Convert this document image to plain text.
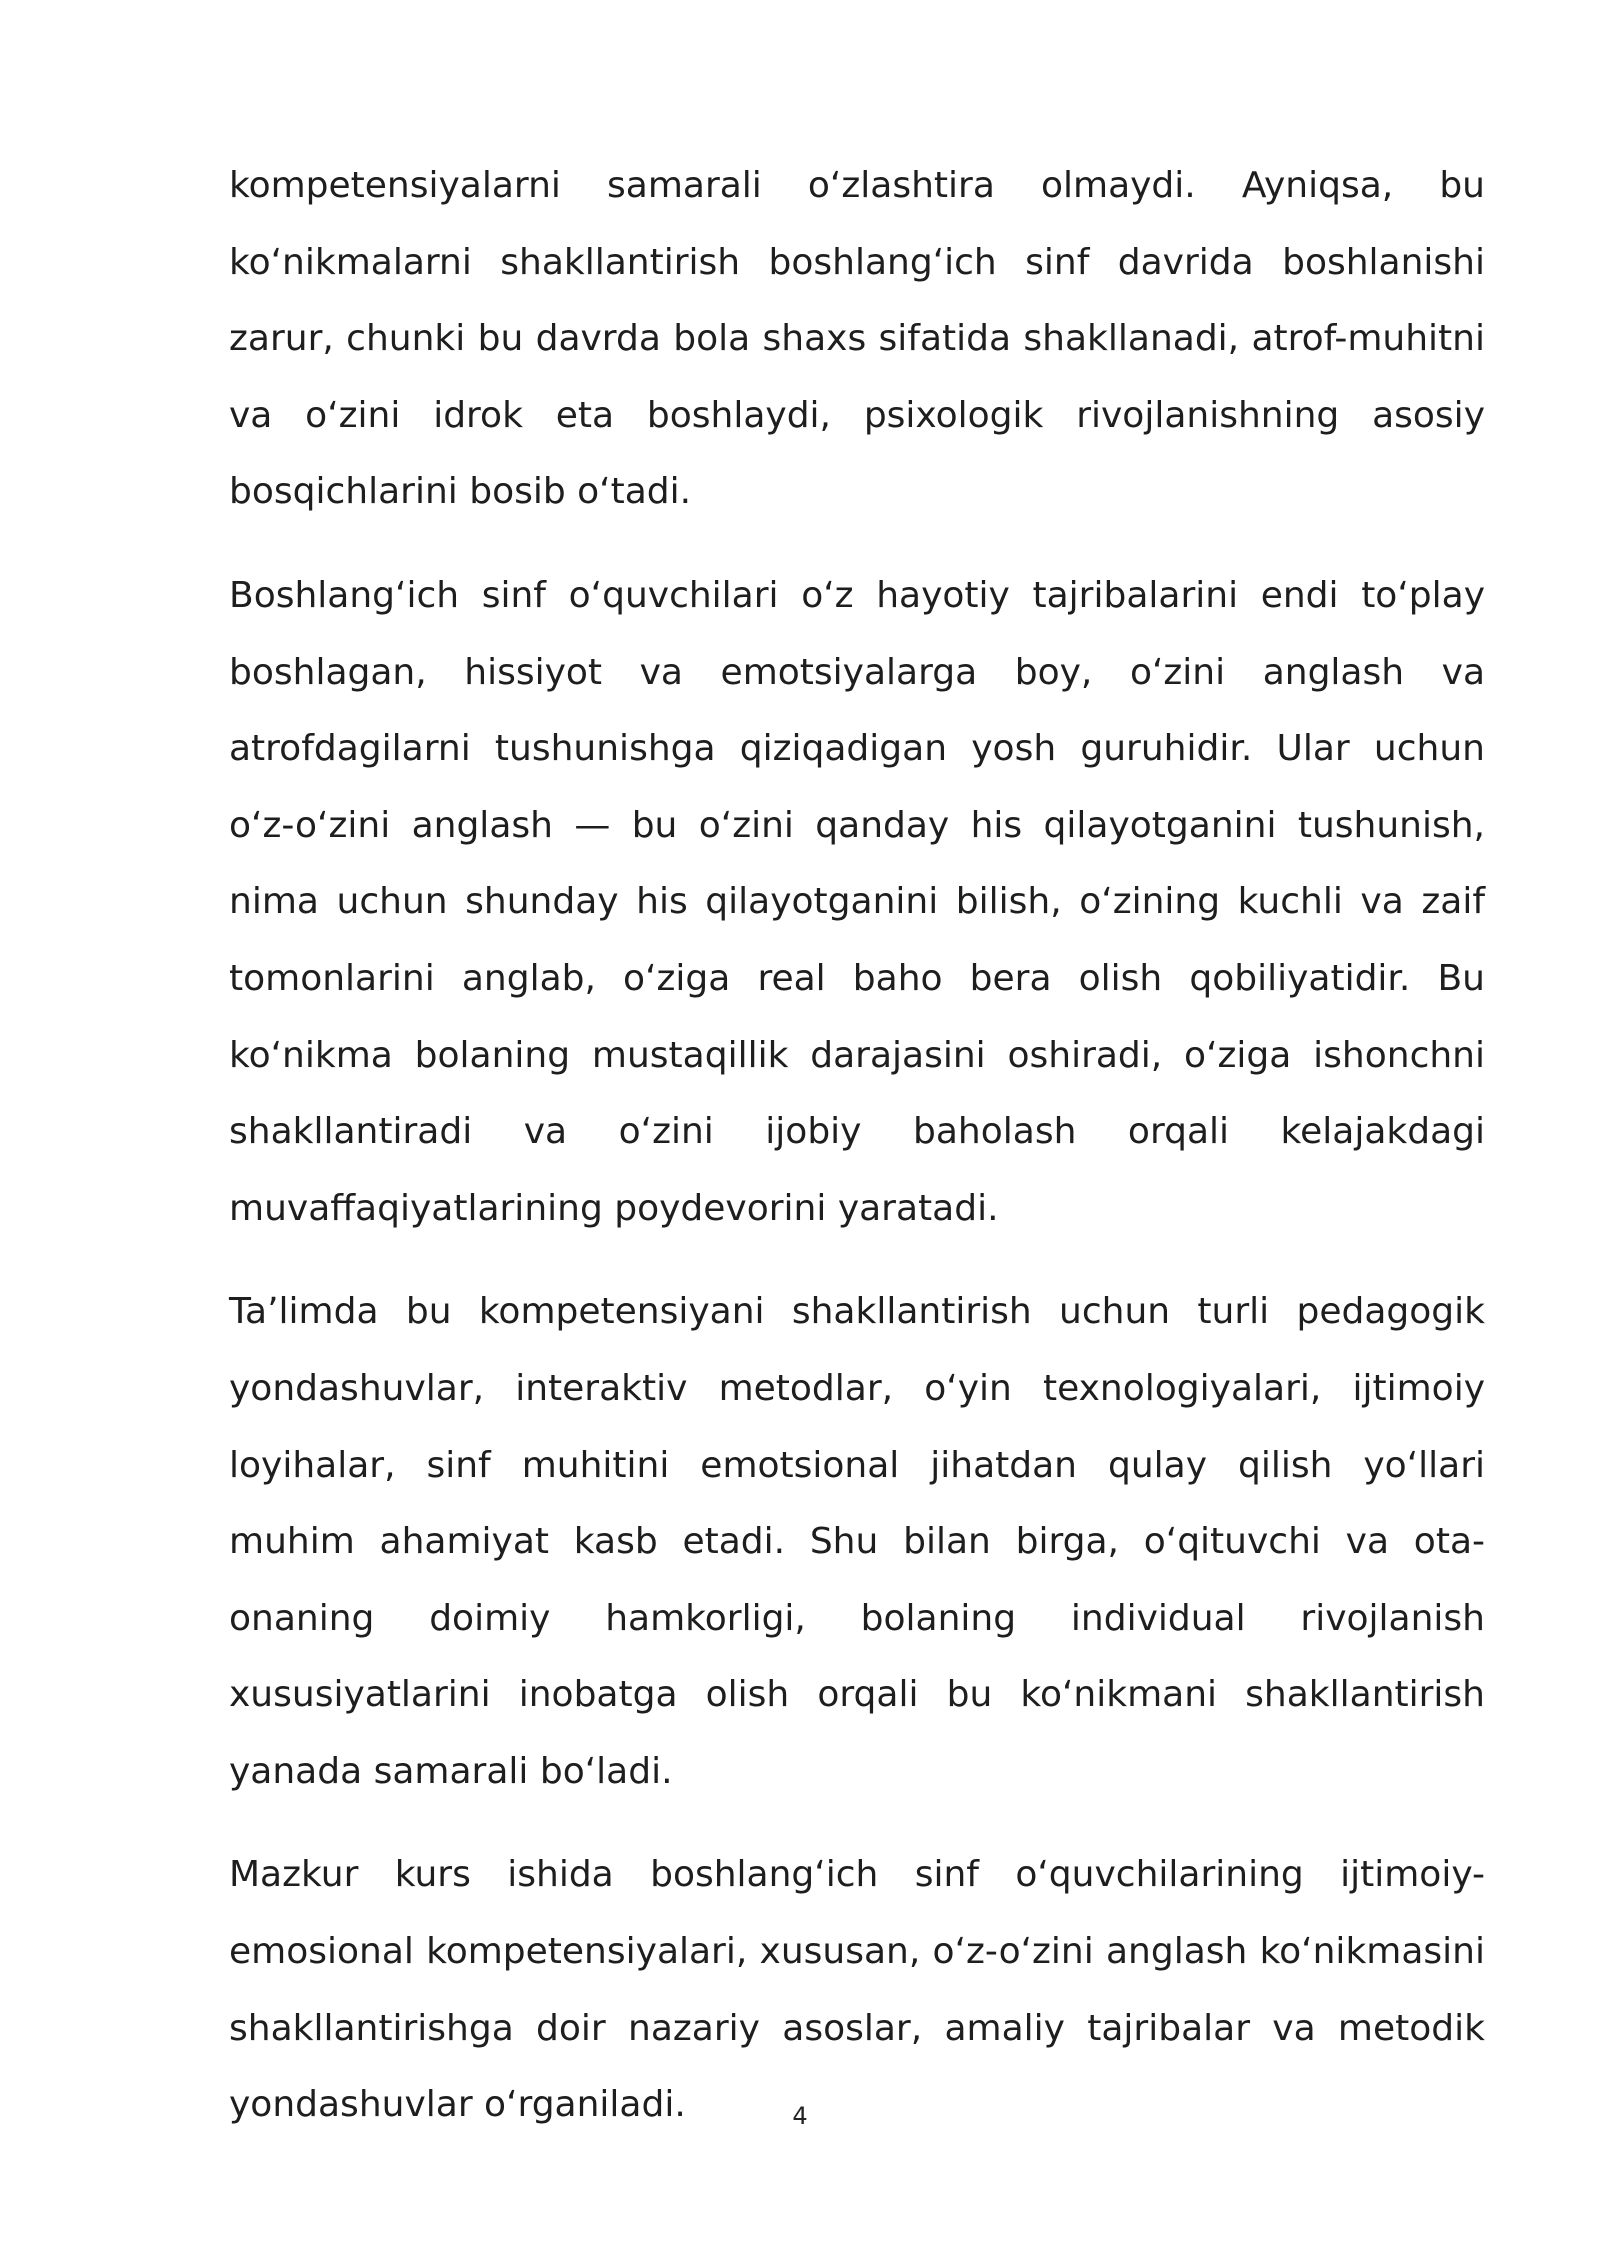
kompetensiyalarni samarali oʻzlashtira olmaydi. Ayniqsa, bu koʻnikmalarni shakllantirish boshlangʻich sinf davrida boshlanishi zarur, chunki bu davrda bola shaxs sifatida shakllanadi, atrof-muhitni va oʻzini idrok eta boshlaydi, psixologik rivojlanishning asosiy bosqichlarini bosib oʻtadi.

Boshlangʻich sinf oʻquvchilari oʻz hayotiy tajribalarini endi toʻplay boshlagan, hissiyot va emotsiyalarga boy, oʻzini anglash va atrofdagilarni tushunishga qiziqadigan yosh guruhidir. Ular uchun oʻz-oʻzini anglash — bu oʻzini qanday his qilayotganini tushunish, nima uchun shunday his qilayotganini bilish, oʻzining kuchli va zaif tomonlarini anglab, oʻziga real baho bera olish qobiliyatidir. Bu koʻnikma bolaning mustaqillik darajasini oshiradi, oʻziga ishonchni shakllantiradi va oʻzini ijobiy baholash orqali kelajakdagi muvaffaqiyatlarining poydevorini yaratadi.

Taʼlimda bu kompetensiyani shakllantirish uchun turli pedagogik yondashuvlar, interaktiv metodlar, oʻyin texnologiyalari, ijtimoiy loyihalar, sinf muhitini emotsional jihatdan qulay qilish yoʻllari muhim ahamiyat kasb etadi. Shu bilan birga, oʻqituvchi va ota-onaning doimiy hamkorligi, bolaning individual rivojlanish xususiyatlarini inobatga olish orqali bu koʻnikmani shakllantirish yanada samarali boʻladi.

Mazkur kurs ishida boshlangʻich sinf oʻquvchilarining ijtimoiy-emosional kompetensiyalari, xususan, oʻz-oʻzini anglash koʻnikmasini shakllantirishga doir nazariy asoslar, amaliy tajribalar va metodik yondashuvlar oʻrganiladi.	4
